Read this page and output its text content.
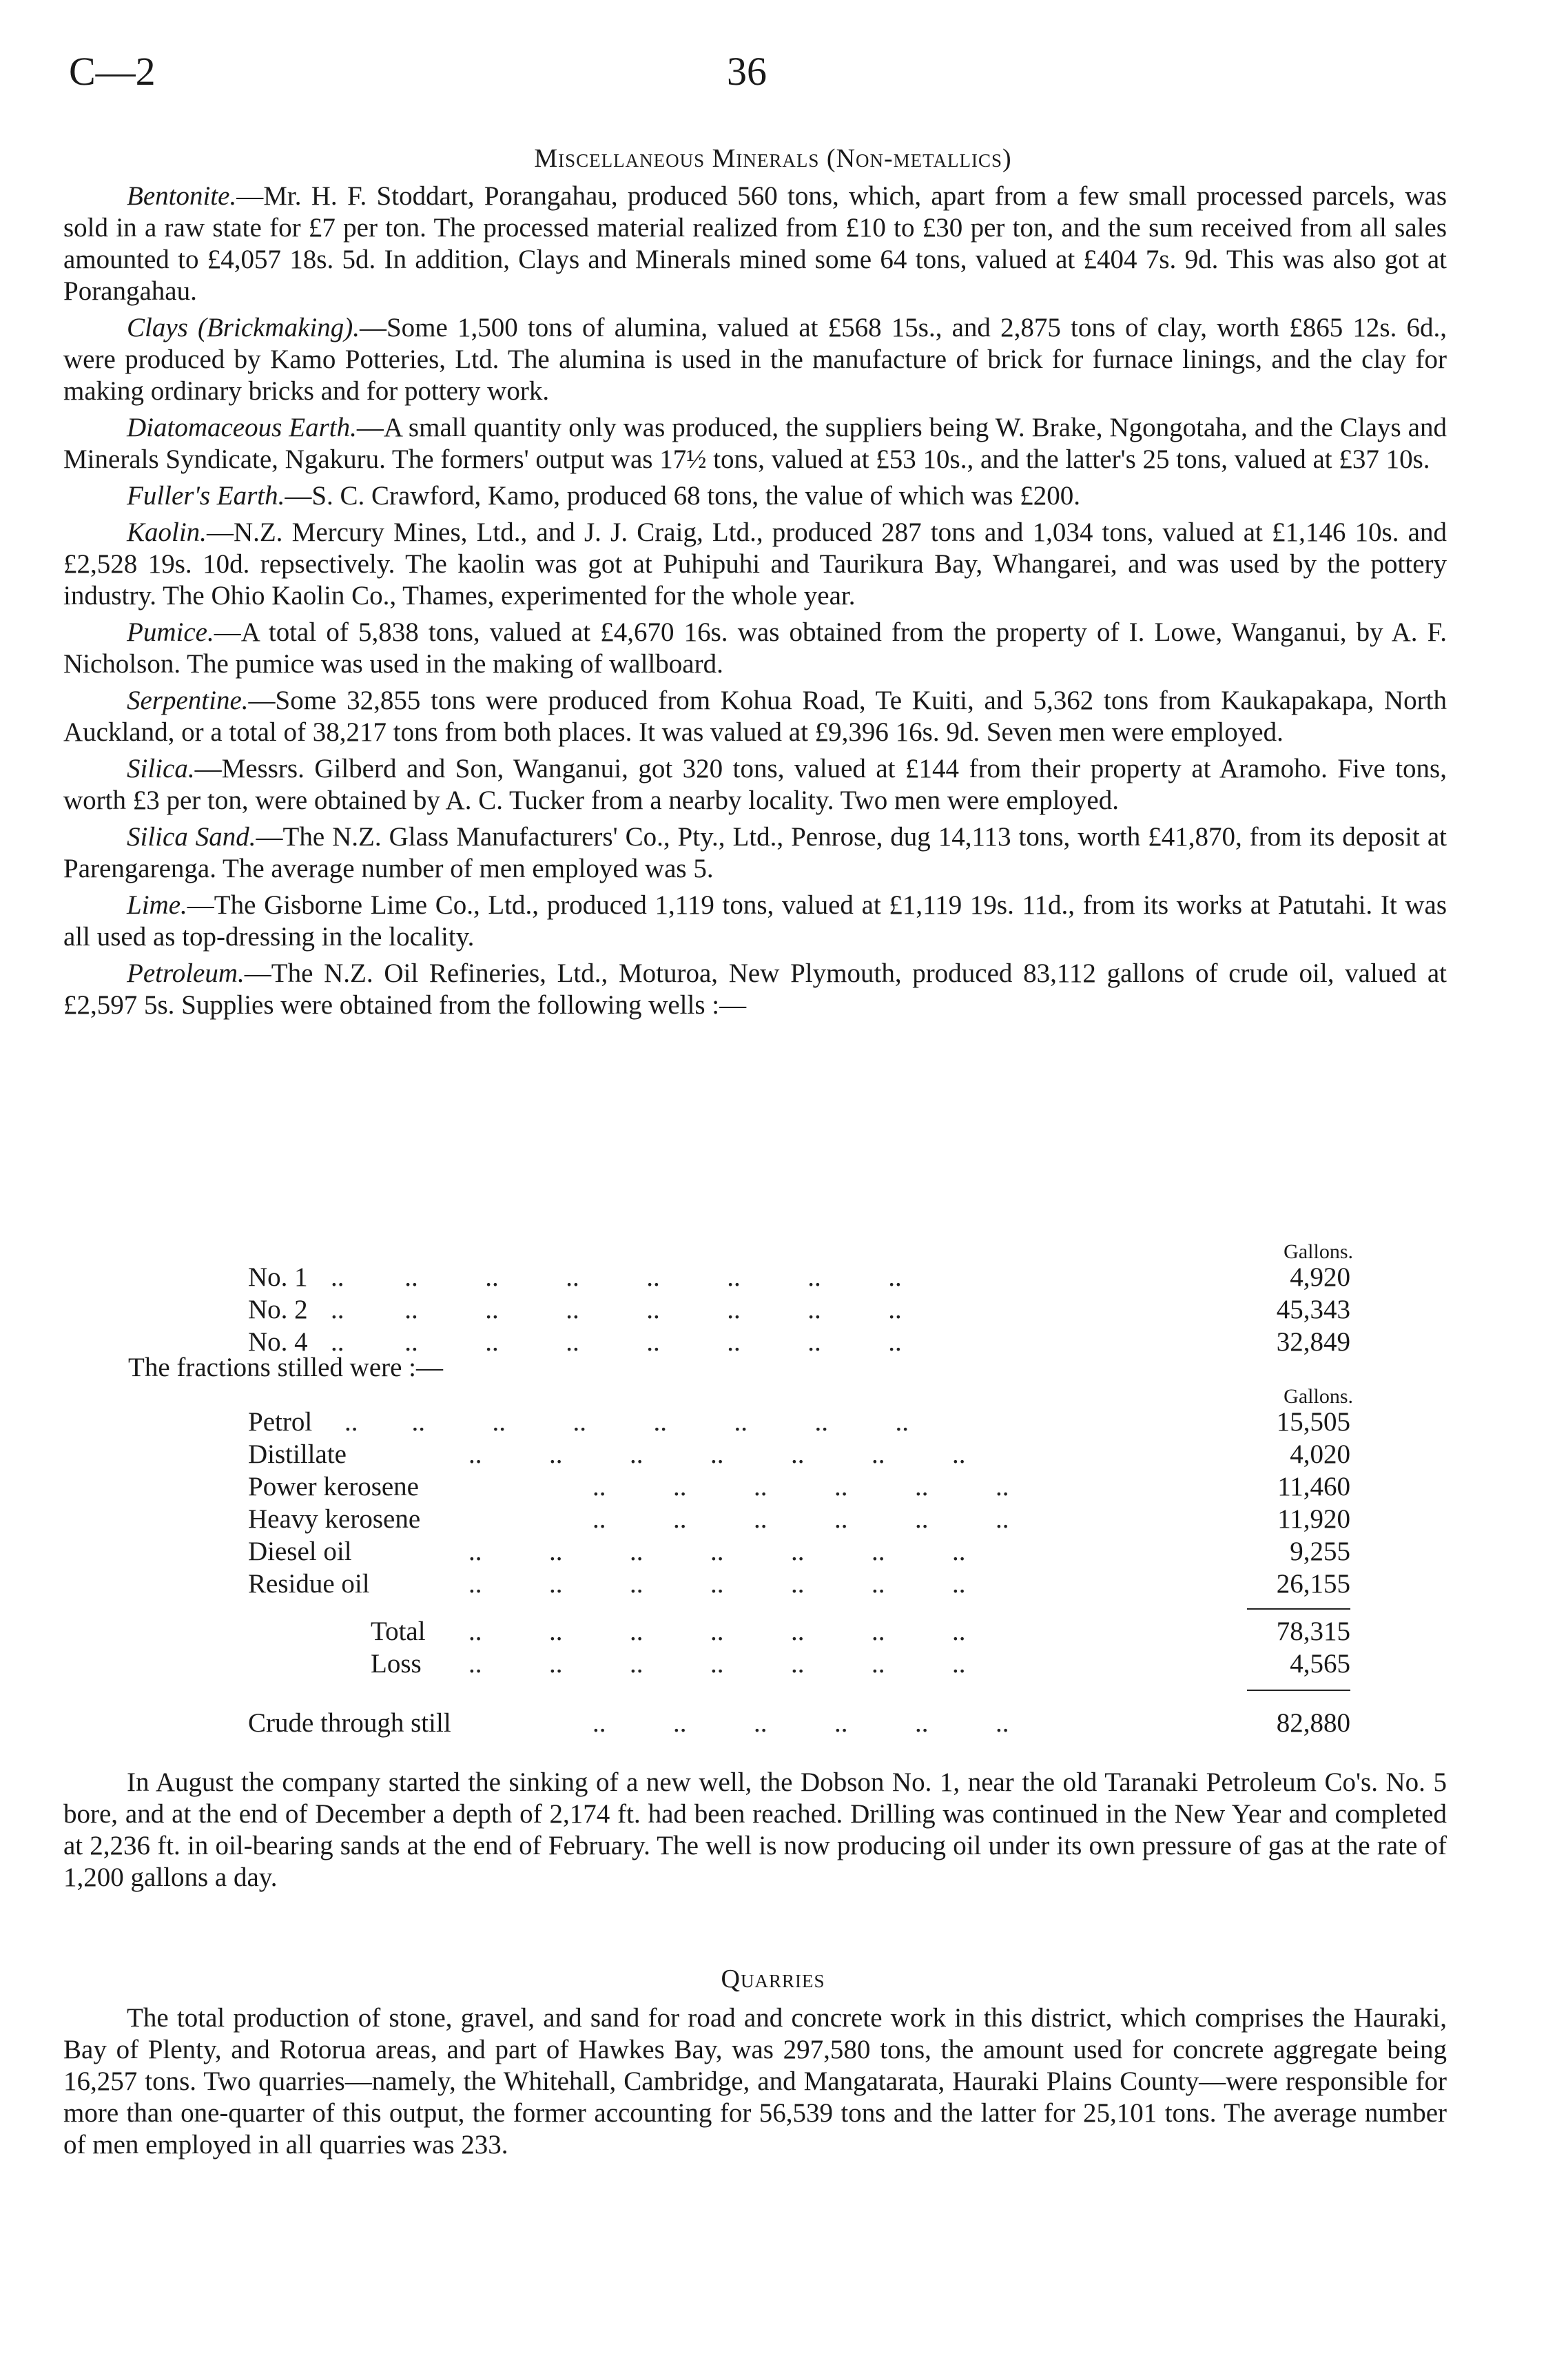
C—2	36
Miscellaneous Minerals (Non-metallics)

Bentonite.—Mr. H. F. Stoddart, Porangahau, produced 560 tons, which, apart from a few small processed parcels, was sold in a raw state for £7 per ton. The processed material realized from £10 to £30 per ton, and the sum received from all sales amounted to £4,057 18s. 5d. In addition, Clays and Minerals mined some 64 tons, valued at £404 7s. 9d. This was also got at Porangahau.

Clays (Brickmaking).—Some 1,500 tons of alumina, valued at £568 15s., and 2,875 tons of clay, worth £865 12s. 6d., were produced by Kamo Potteries, Ltd. The alumina is used in the manufacture of brick for furnace linings, and the clay for making ordinary bricks and for pottery work.

Diatomaceous Earth.—A small quantity only was produced, the suppliers being W. Brake, Ngongotaha, and the Clays and Minerals Syndicate, Ngakuru. The formers' output was 17½ tons, valued at £53 10s., and the latter's 25 tons, valued at £37 10s.

Fuller's Earth.—S. C. Crawford, Kamo, produced 68 tons, the value of which was £200.

Kaolin.—N.Z. Mercury Mines, Ltd., and J. J. Craig, Ltd., produced 287 tons and 1,034 tons, valued at £1,146 10s. and £2,528 19s. 10d. repsectively. The kaolin was got at Puhipuhi and Taurikura Bay, Whangarei, and was used by the pottery industry. The Ohio Kaolin Co., Thames, experimented for the whole year.

Pumice.—A total of 5,838 tons, valued at £4,670 16s. was obtained from the property of I. Lowe, Wanganui, by A. F. Nicholson. The pumice was used in the making of wallboard.

Serpentine.—Some 32,855 tons were produced from Kohua Road, Te Kuiti, and 5,362 tons from Kaukapakapa, North Auckland, or a total of 38,217 tons from both places. It was valued at £9,396 16s. 9d. Seven men were employed.

Silica.—Messrs. Gilberd and Son, Wanganui, got 320 tons, valued at £144 from their property at Aramoho. Five tons, worth £3 per ton, were obtained by A. C. Tucker from a nearby locality. Two men were employed.

Silica Sand.—The N.Z. Glass Manufacturers' Co., Pty., Ltd., Penrose, dug 14,113 tons, worth £41,870, from its deposit at Parengarenga. The average number of men employed was 5.

Lime.—The Gisborne Lime Co., Ltd., produced 1,119 tons, valued at £1,119 19s. 11d., from its works at Patutahi. It was all used as top-dressing in the locality.

Petroleum.—The N.Z. Oil Refineries, Ltd., Moturoa, New Plymouth, produced 83,112 gallons of crude oil, valued at £2,597 5s. Supplies were obtained from the following wells :—

Gallons.
No. 1 ..         ..          ..          ..          ..          ..          ..          ..	4,920
No. 2 ..         ..          ..          ..          ..          ..          ..          ..	45,343
No. 4 ..         ..          ..          ..          ..          ..          ..          ..	32,849
The fractions stilled were :—
Gallons.
Petrol ..        ..          ..          ..          ..          ..          ..          ..	15,505
Distillate	..          ..          ..          ..          ..          ..          ..	4,020
Power kerosene	..          ..          ..          ..          ..          ..	11,460
Heavy kerosene	..          ..          ..          ..          ..          ..	11,920
Diesel oil	..          ..          ..          ..          ..          ..          ..	9,255
Residue oil	..          ..          ..          ..          ..          ..          ..	26,155
Total ..          ..          ..          ..          ..          ..          ..	78,315
Loss ..          ..          ..          ..          ..          ..          ..	4,565
Crude through still	..          ..          ..          ..          ..          ..	82,880

In August the company started the sinking of a new well, the Dobson No. 1, near the old Taranaki Petroleum Co's. No. 5 bore, and at the end of December a depth of 2,174 ft. had been reached. Drilling was continued in the New Year and completed at 2,236 ft. in oil-bearing sands at the end of February. The well is now producing oil under its own pressure of gas at the rate of 1,200 gallons a day.

Quarries

The total production of stone, gravel, and sand for road and concrete work in this district, which comprises the Hauraki, Bay of Plenty, and Rotorua areas, and part of Hawkes Bay, was 297,580 tons, the amount used for concrete aggregate being 16,257 tons. Two quarries—namely, the Whitehall, Cambridge, and Mangatarata, Hauraki Plains County—were responsible for more than one-quarter of this output, the former accounting for 56,539 tons and the latter for 25,101 tons. The average number of men employed in all quarries was 233.
